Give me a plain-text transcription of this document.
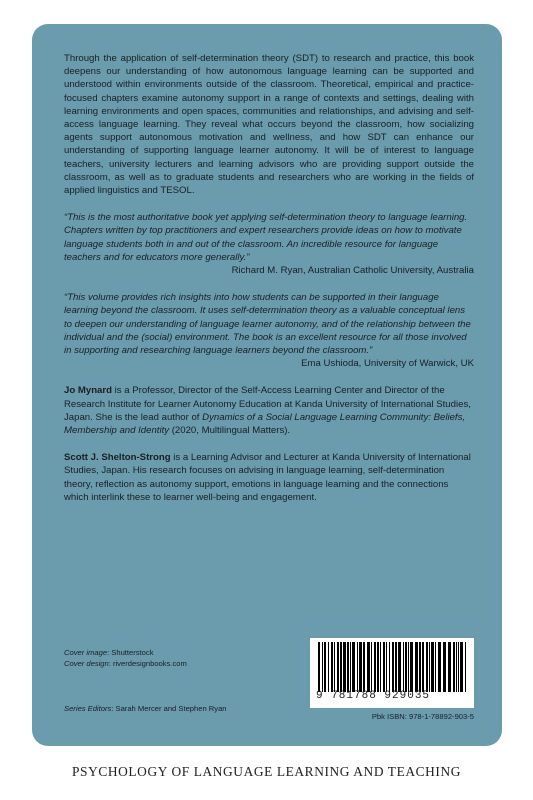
Through the application of self-determination theory (SDT) to research and practice, this book deepens our understanding of how autonomous language learning can be supported and understood within environments outside of the classroom. Theoretical, empirical and practice-focused chapters examine autonomy support in a range of contexts and settings, dealing with learning environments and open spaces, communities and relationships, and advising and self-access language learning. They reveal what occurs beyond the classroom, how socializing agents support autonomous motivation and wellness, and how SDT can enhance our understanding of supporting language learner autonomy. It will be of interest to language teachers, university lecturers and learning advisors who are providing support outside the classroom, as well as to graduate students and researchers who are working in the fields of applied linguistics and TESOL.

“This is the most authoritative book yet applying self-determination theory to language learning. Chapters written by top practitioners and expert researchers provide ideas on how to motivate language students both in and out of the classroom. An incredible resource for language teachers and for educators more generally.”

Richard M. Ryan, Australian Catholic University, Australia

“This volume provides rich insights into how students can be supported in their language learning beyond the classroom. It uses self-determination theory as a valuable conceptual lens to deepen our understanding of language learner autonomy, and of the relationship between the individual and the (social) environment. The book is an excellent resource for all those involved in supporting and researching language learners beyond the classroom.”

Ema Ushioda, University of Warwick, UK

Jo Mynard is a Professor, Director of the Self-Access Learning Center and Director of the Research Institute for Learner Autonomy Education at Kanda University of International Studies, Japan. She is the lead author of Dynamics of a Social Language Learning Community: Beliefs, Membership and Identity (2020, Multilingual Matters).

Scott J. Shelton-Strong is a Learning Advisor and Lecturer at Kanda University of International Studies, Japan. His research focuses on advising in language learning, self-determination theory, reflection as autonomy support, emotions in language learning and the connections which interlink these to learner well-being and engagement.

Cover image: Shutterstock
Cover design: riverdesignbooks.com
Series Editors: Sarah Mercer and Stephen Ryan
9 781788 929035
Pbk ISBN: 978-1-78892-903-5
PSYCHOLOGY OF LANGUAGE LEARNING AND TEACHING
